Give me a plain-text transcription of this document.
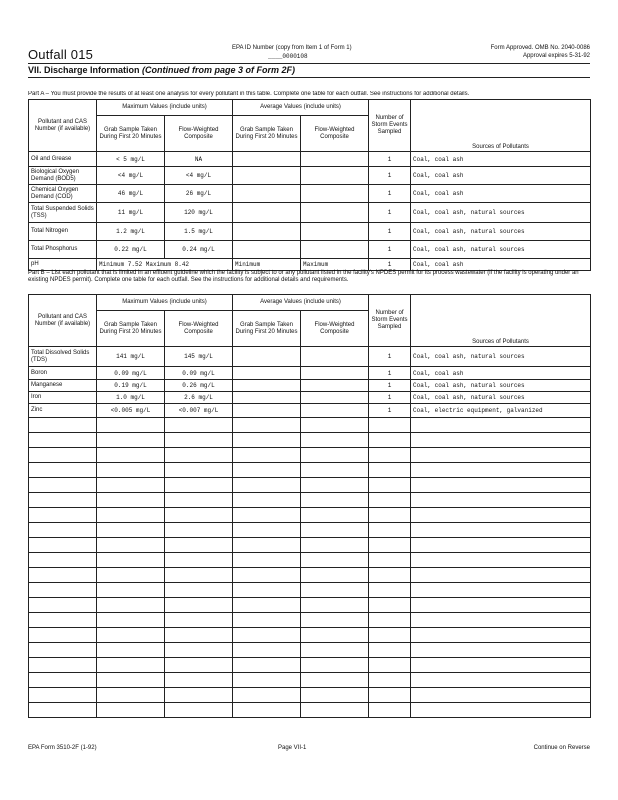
Outfall 015	EPA ID Number (copy from Item 1 of Form 1)
____0000108
Form Approved. OMB No. 2040-0086
Approval expires 5-31-92
VII. Discharge Information (Continued from page 3 of Form 2F)
Part A – You must provide the results of at least one analysis for every pollutant in this table. Complete one table for each outfall. See instructions for additional details.
Pollutant and CAS Number (if available)	Maximum Values (include units)		Average Values (include units)		Number of Storm Events Sampled	Sources of Pollutants
	Grab Sample Taken During First 20 Minutes	Flow-Weighted Composite	Grab Sample Taken During First 20 Minutes	Flow-Weighted Composite		
Oil and Grease	< 5 mg/L	NA			1	Coal, coal ash
Biological Oxygen Demand (BOD5)	<4 mg/L	<4 mg/L			1	Coal, coal ash
Chemical Oxygen Demand (COD)	46 mg/L	26 mg/L			1	Coal, coal ash
Total Suspended Solids (TSS)	11 mg/L	120 mg/L			1	Coal, coal ash, natural sources
Total Nitrogen	1.2 mg/L	1.5 mg/L			1	Coal, coal ash, natural sources
Total Phosphorus	0.22 mg/L	0.24 mg/L			1	Coal, coal ash, natural sources
pH	Minimum 7.52 Maximum 8.42		Minimum	Maximum	1	Coal, coal ash
Part B – List each pollutant that is limited in an effluent guideline which the facility is subject to or any pollutant listed in the facility's NPDES permit for its process wastewater (if the facility is operating under an existing NPDES permit). Complete one table for each outfall. See the instructions for additional details and requirements.
Pollutant and CAS Number (if available)	Maximum Values (include units)		Average Values (include units)		Number of Storm Events Sampled	Sources of Pollutants
	Grab Sample Taken During First 20 Minutes	Flow-Weighted Composite	Grab Sample Taken During First 20 Minutes	Flow-Weighted Composite		
Total Dissolved Solids (TDS)	141 mg/L	145 mg/L			1	Coal, coal ash, natural sources
Boron	0.09 mg/L	0.09 mg/L			1	Coal, coal ash
Manganese	0.19 mg/L	0.26 mg/L			1	Coal, coal ash, natural sources
Iron	1.0 mg/L	2.6 mg/L			1	Coal, coal ash, natural sources
Zinc	<0.005 mg/L	<0.007 mg/L			1	Coal, electric equipment, galvanized

EPA Form 3510-2F (1-92)	Page VII-1	Continue on Reverse
